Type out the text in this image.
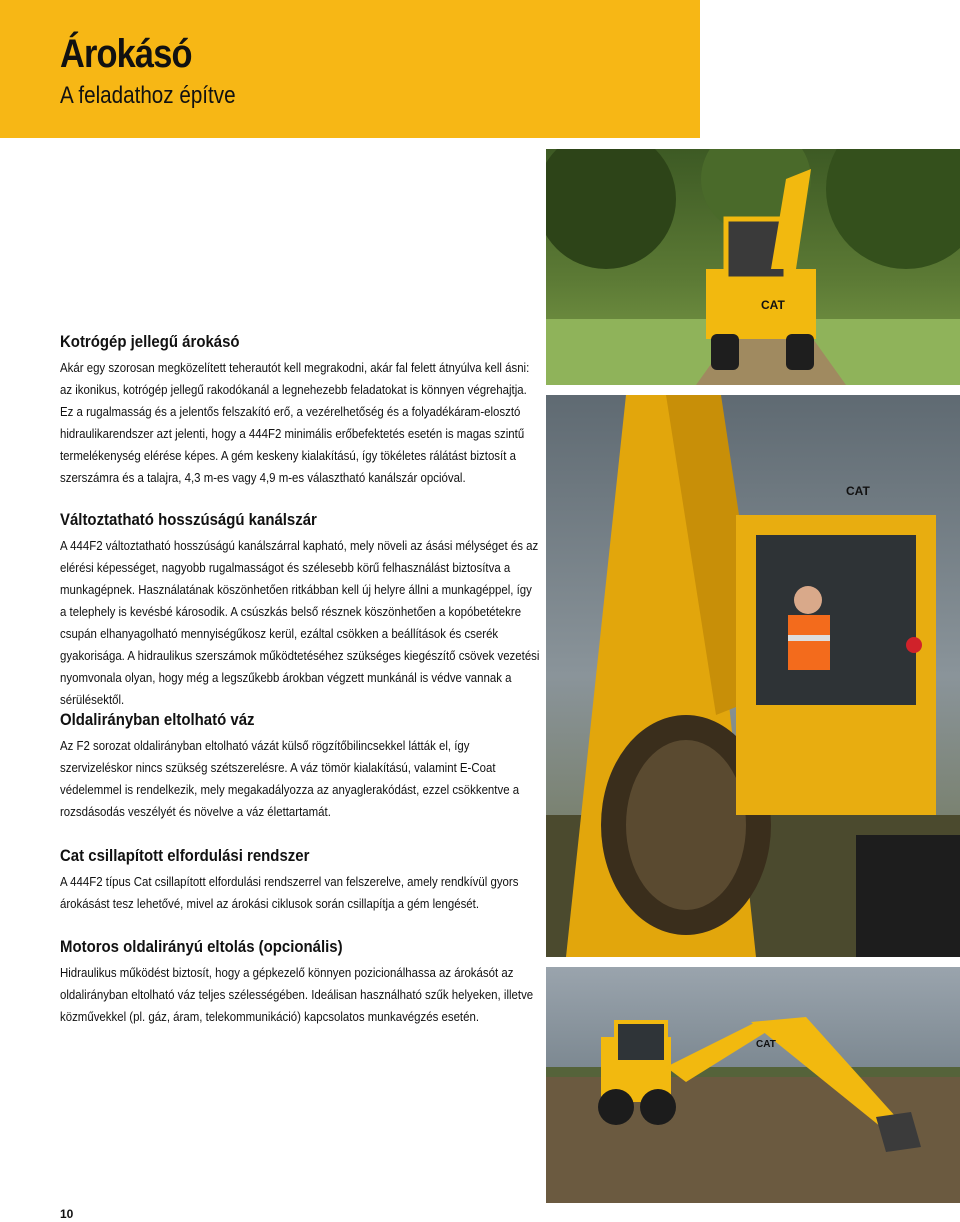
Árokásó
A feladathoz építve
Kotrógép jellegű árokásó

Akár egy szorosan megközelített teherautót kell megrakodni, akár fal felett átnyúlva kell ásni: az ikonikus, kotrógép jellegű rakodókanál a legnehezebb feladatokat is könnyen végrehajtja. Ez a rugalmasság és a jelentős felszakító erő, a vezérelhetőség és a folyadékáram-elosztó hidraulikarendszer azt jelenti, hogy a 444F2 minimális erőbefektetés esetén is magas szintű termelékenység elérése képes. A gém keskeny kialakítású, így tökéletes rálátást biztosít a szerszámra és a talajra, 4,3 m-es vagy 4,9 m-es választható kanálszár opcióval.

Változtatható hosszúságú kanálszár

A 444F2 változtatható hosszúságú kanálszárral kapható, mely növeli az ásási mélységet és az elérési képességet, nagyobb rugalmasságot és szélesebb körű felhasználást biztosítva a munkagépnek. Használatának köszönhetően ritkábban kell új helyre állni a munkagéppel, így a telephely is kevésbé károsodik. A csúszkás belső résznek köszönhetően a kopóbetétekre csupán elhanyagolható mennyiségűkosz kerül, ezáltal csökken a beállítások és cserék gyakorisága. A hidraulikus szerszámok működtetéséhez szükséges kiegészítő csövek vezetési nyomvonala olyan, hogy még a legszűkebb árokban végzett munkánál is védve vannak a sérülésektől.

Oldalirányban eltolható váz

Az F2 sorozat oldalirányban eltolható vázát külső rögzítőbilincsekkel látták el, így szervizeléskor nincs szükség szétszerelésre. A váz tömör kialakítású, valamint E-Coat védelemmel is rendelkezik, mely megakadályozza az anyaglerakódást, ezzel csökkentve a rozsdásodás veszélyét és növelve a váz élettartamát.

Cat csillapított elfordulási rendszer

A 444F2 típus Cat csillapított elfordulási rendszerrel van felszerelve, amely rendkívül gyors árokásást tesz lehetővé, mivel az árokási ciklusok során csillapítja a gém lengését.

Motoros oldalirányú eltolás (opcionális)

Hidraulikus működést biztosít, hogy a gépkezelő könnyen pozicionálhassa az árokásót az oldalirányban eltolható váz teljes szélességében. Ideálisan használható szűk helyeken, illetve közművekkel (pl. gáz, áram, telekommunikáció) kapcsolatos munkavégzés esetén.

CAT
CAT
CAT
10
